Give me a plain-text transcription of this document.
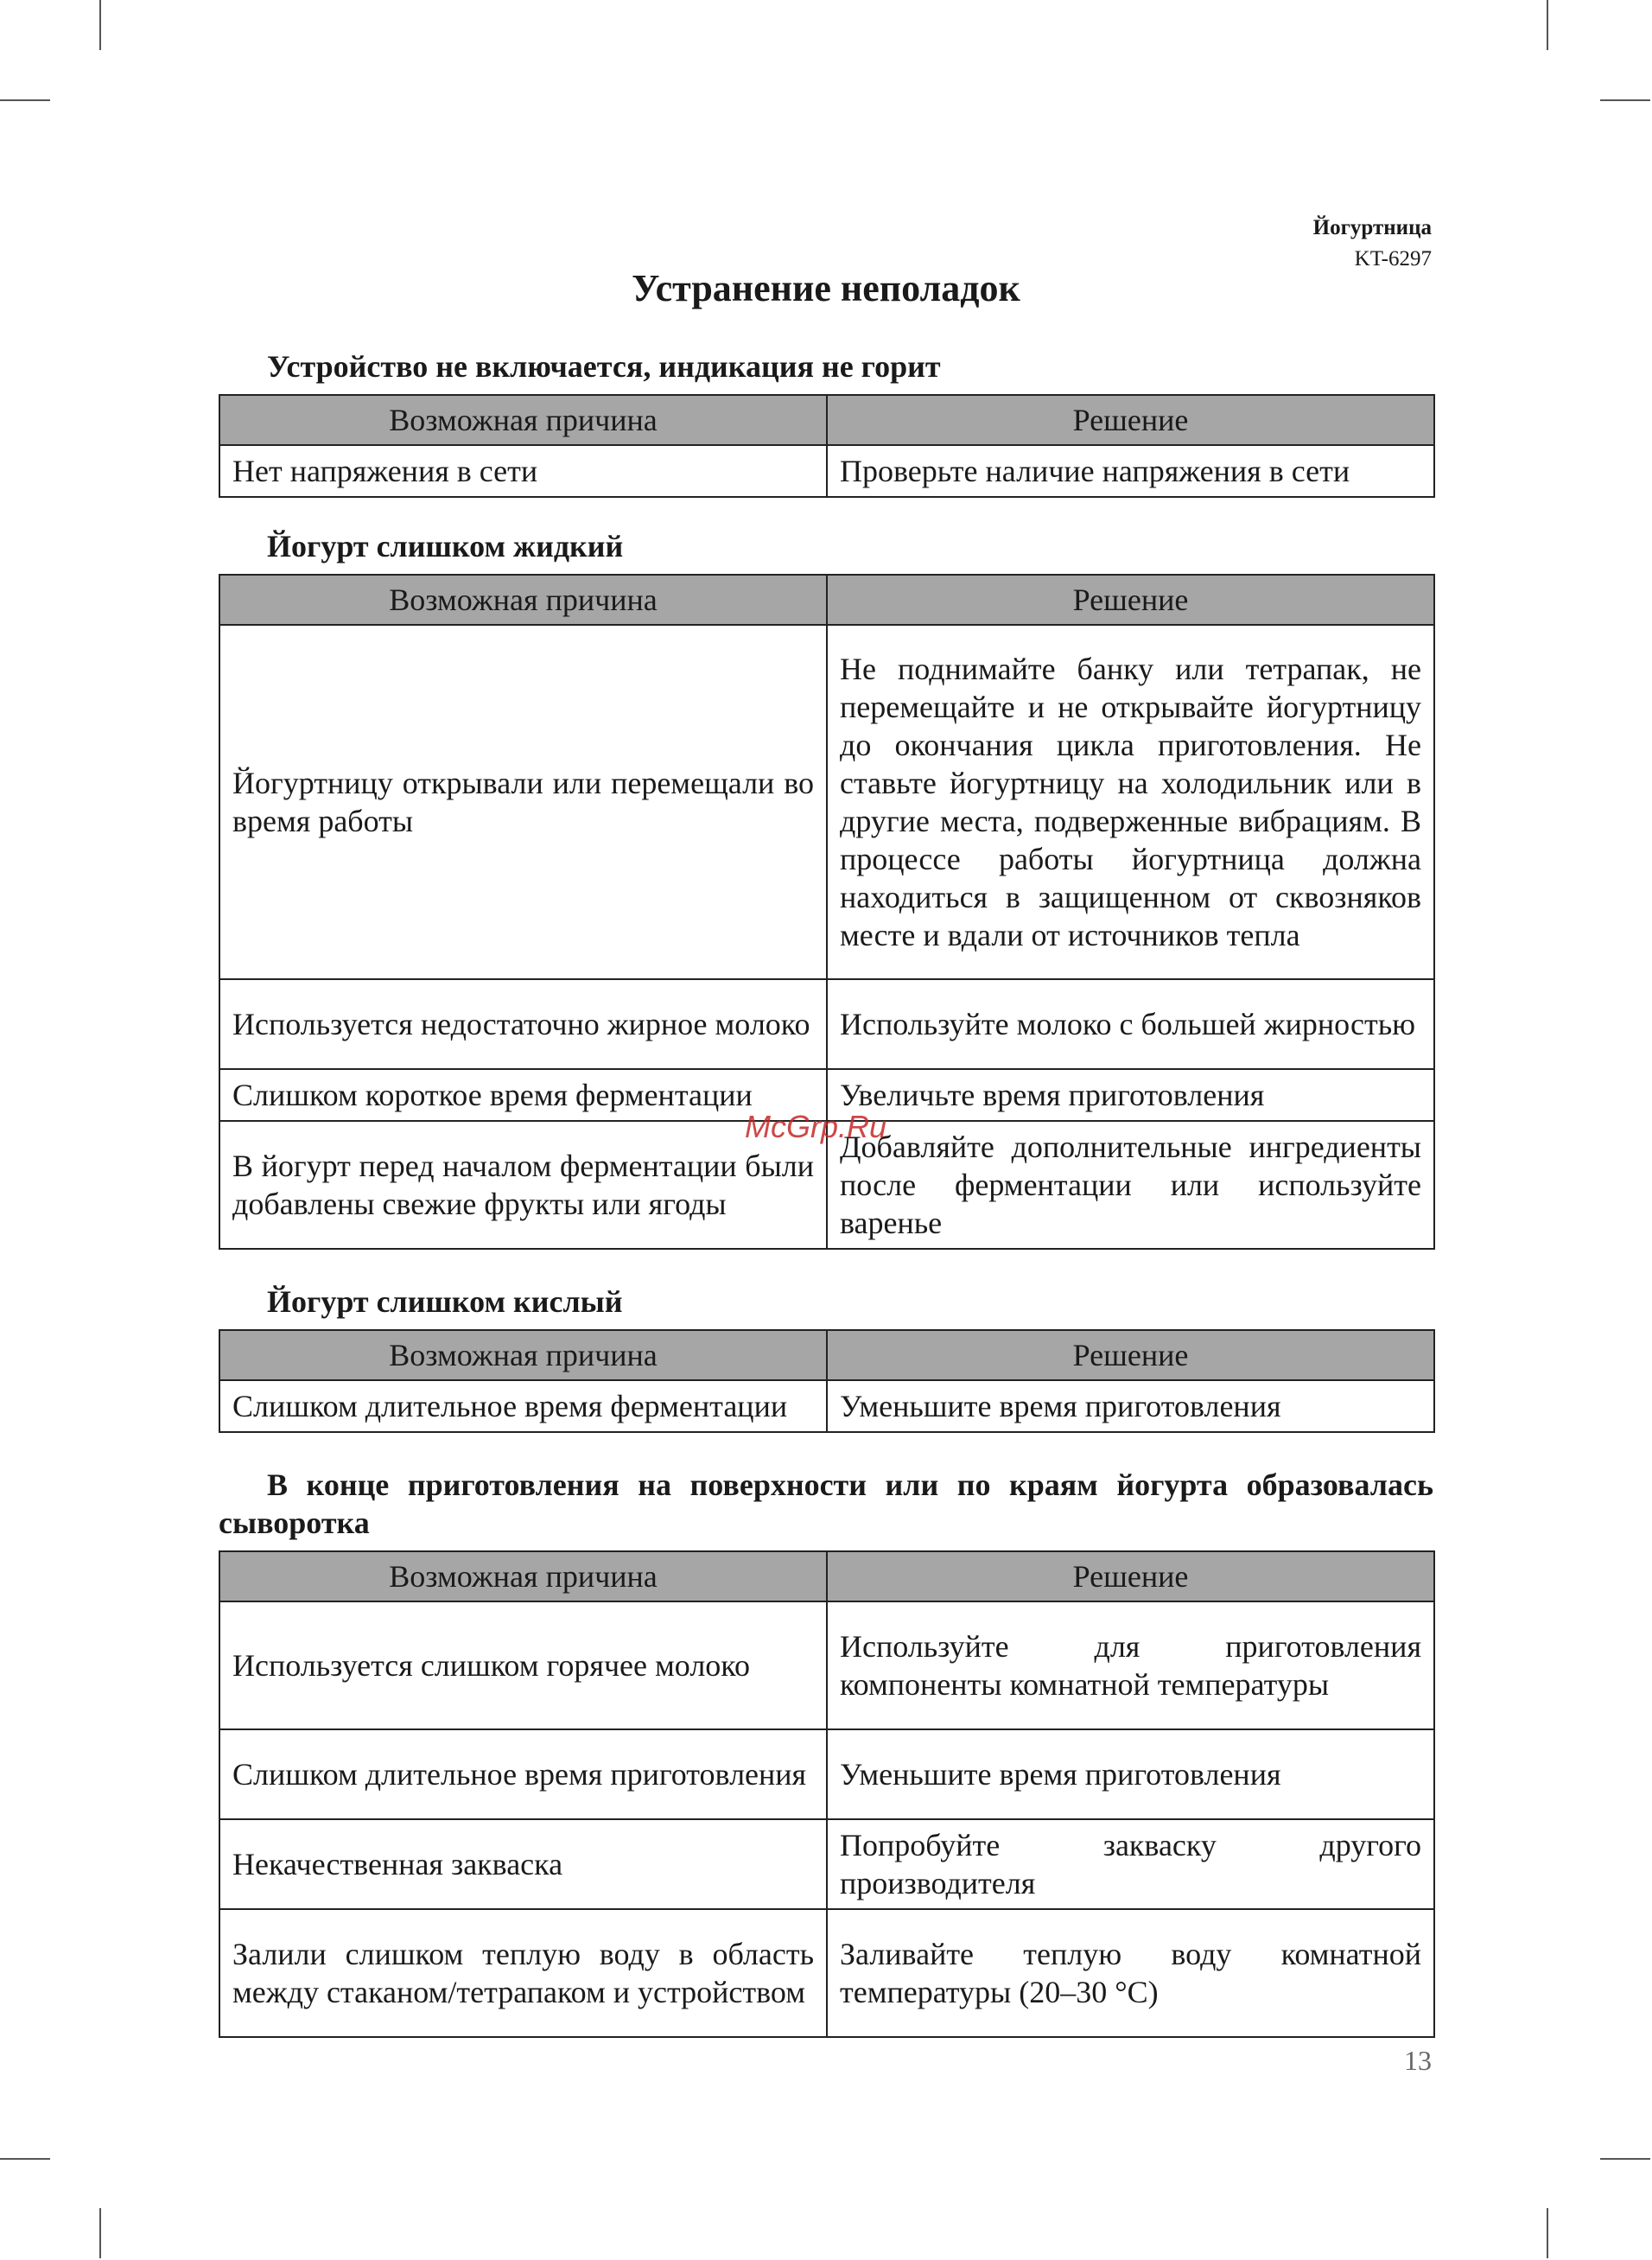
Йогуртница
KT-6297
Устранение неполадок
Устройство не включается, индикация не горит
Возможная причина	Решение
Нет напряжения в сети	Проверьте наличие напряжения в сети
Йогурт слишком жидкий
Возможная причина	Решение
Йогуртницу открывали или перемещали во время работы	Не поднимайте банку или тетрапак, не перемещайте и не открывайте йогуртницу до окончания цикла приготовления. Не ставьте йогуртницу на холодильник или в другие места, подверженные вибрациям. В процессе работы йогуртница должна находиться в защищенном от сквозняков месте и вдали от источников тепла
Используется недостаточно жирное молоко	Используйте молоко с большей жирностью
Слишком короткое время ферментации	Увеличьте время приготовления
В йогурт перед началом ферментации были добавлены свежие фрукты или ягоды	Добавляйте дополнительные ингредиенты после ферментации или используйте варенье
Йогурт слишком кислый
Возможная причина	Решение
Слишком длительное время ферментации	Уменьшите время приготовления
В конце приготовления на поверхности или по краям йогурта образовалась сыворотка
Возможная причина	Решение
Используется слишком горячее молоко	Используйте для приготовления компоненты комнатной температуры
Слишком длительное время приготовления	Уменьшите время приготовления
Некачественная закваска	Попробуйте закваску другого производителя
Залили слишком теплую воду в область между стаканом/тетрапаком и устройством	Заливайте теплую воду комнатной температуры (20–30 °C)
McGrp.Ru
13
